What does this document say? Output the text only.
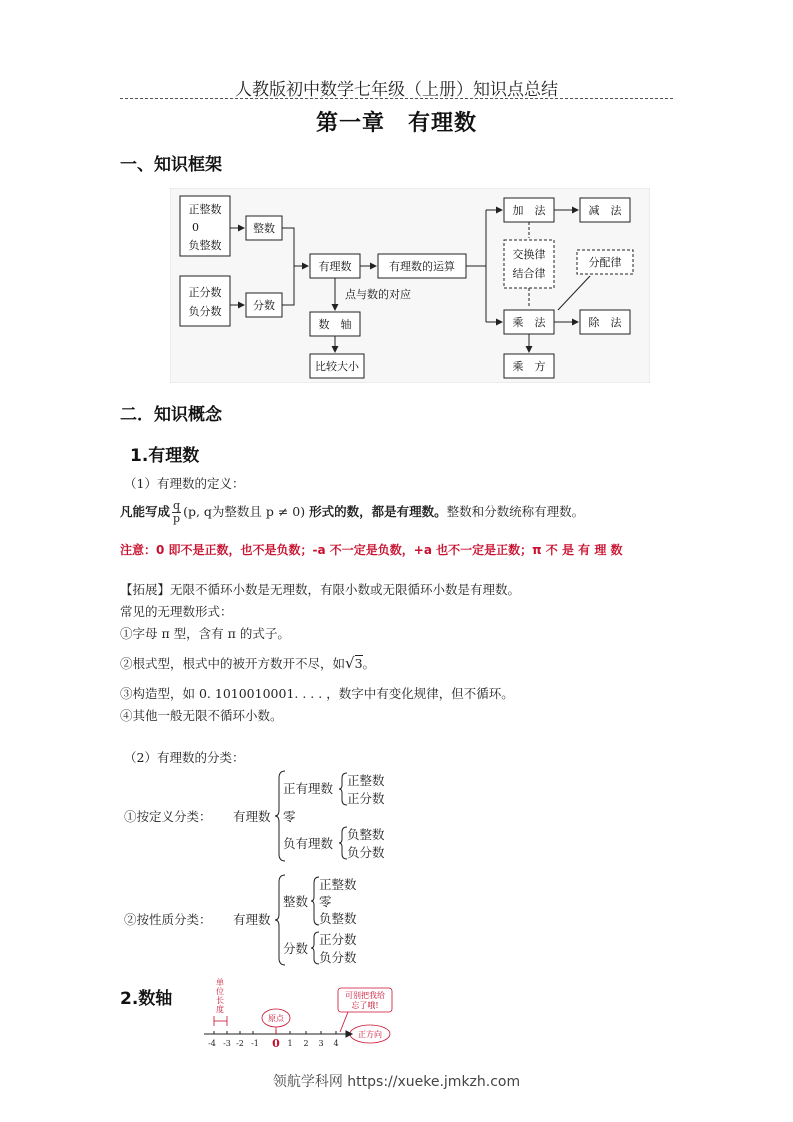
人教版初中数学七年级（上册）知识点总结
第一章　有理数
一、知识框架
正整数
0
负整数
整数
正分数
负分数	分数
有理数	有理数的运算
点与数的对应
数　轴
比较大小
加　法	减　法
交换律
结合律
分配律
乘　法	除　法
乘　方
二．知识概念
1.有理数
（1）有理数的定义：
凡能写成 $\frac{q}{p} (p$, q为整数且 p ≠ 0) 形式的数，都是有理数。整数和分数统称有理数。
注意：0 即不是正数，也不是负数；-a 不一定是负数，+a 也不一定是正数；π 不 是 有 理 数
【拓展】无限不循环小数是无理数，有限小数或无限循环小数是有理数。
常见的无理数形式：
①字母 π 型，含有 π 的式子。
②根式型，根式中的被开方数开不尽，如√3。
③构造型，如 0. 1010010001. . . . ，数字中有变化规律，但不循环。
④其他一般无限不循环小数。
（2）有理数的分类：
①按定义分类： 有理数
正有理数
正整数
正分数
零
负有理数
负整数
负分数
②按性质分类： 有理数
整数
正整数
零
负整数
分数
正分数
负分数
2.数轴
单
位
长
度
原点
可别把我给
忘了哦!
正方向
-4 -3 -2 -1 0 1 2 3 4
领航学科网 https://xueke.jmkzh.com
